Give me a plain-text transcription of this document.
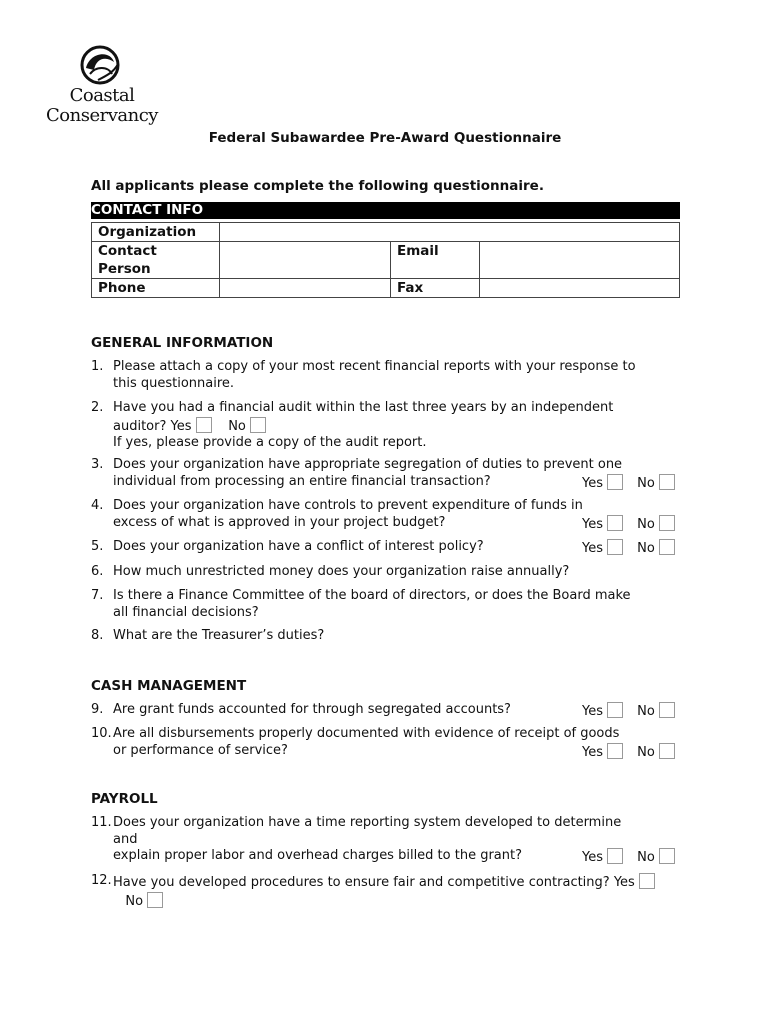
Coastal
Conservancy
Federal Subawardee Pre-Award Questionnaire
All applicants please complete the following questionnaire.
CONTACT INFO
Organization			
Contact
Person		Email	
Phone		Fax	
GENERAL INFORMATION
1. Please attach a copy of your most recent financial reports with your response to
this questionnaire.
2. Have you had a financial audit within the last three years by an independent
auditor? Yes	No
If yes, please provide a copy of the audit report.
3. Does your organization have appropriate segregation of duties to prevent one
individual from processing an entire financial transaction?	Yes	No
4. Does your organization have controls to prevent expenditure of funds in
excess of what is approved in your project budget?	Yes	No
5. Does your organization have a conflict of interest policy?	Yes	No
6. How much unrestricted money does your organization raise annually?
7. Is there a Finance Committee of the board of directors, or does the Board make
all financial decisions?
8. What are the Treasurer’s duties?
CASH MANAGEMENT
9. Are grant funds accounted for through segregated accounts?	Yes	No
10. Are all disbursements properly documented with evidence of receipt of goods
or performance of service?	Yes	No
PAYROLL
11. Does your organization have a time reporting system developed to determine
and
explain proper labor and overhead charges billed to the grant?	Yes	No
12. Have you developed procedures to ensure fair and competitive contracting? Yes
No
